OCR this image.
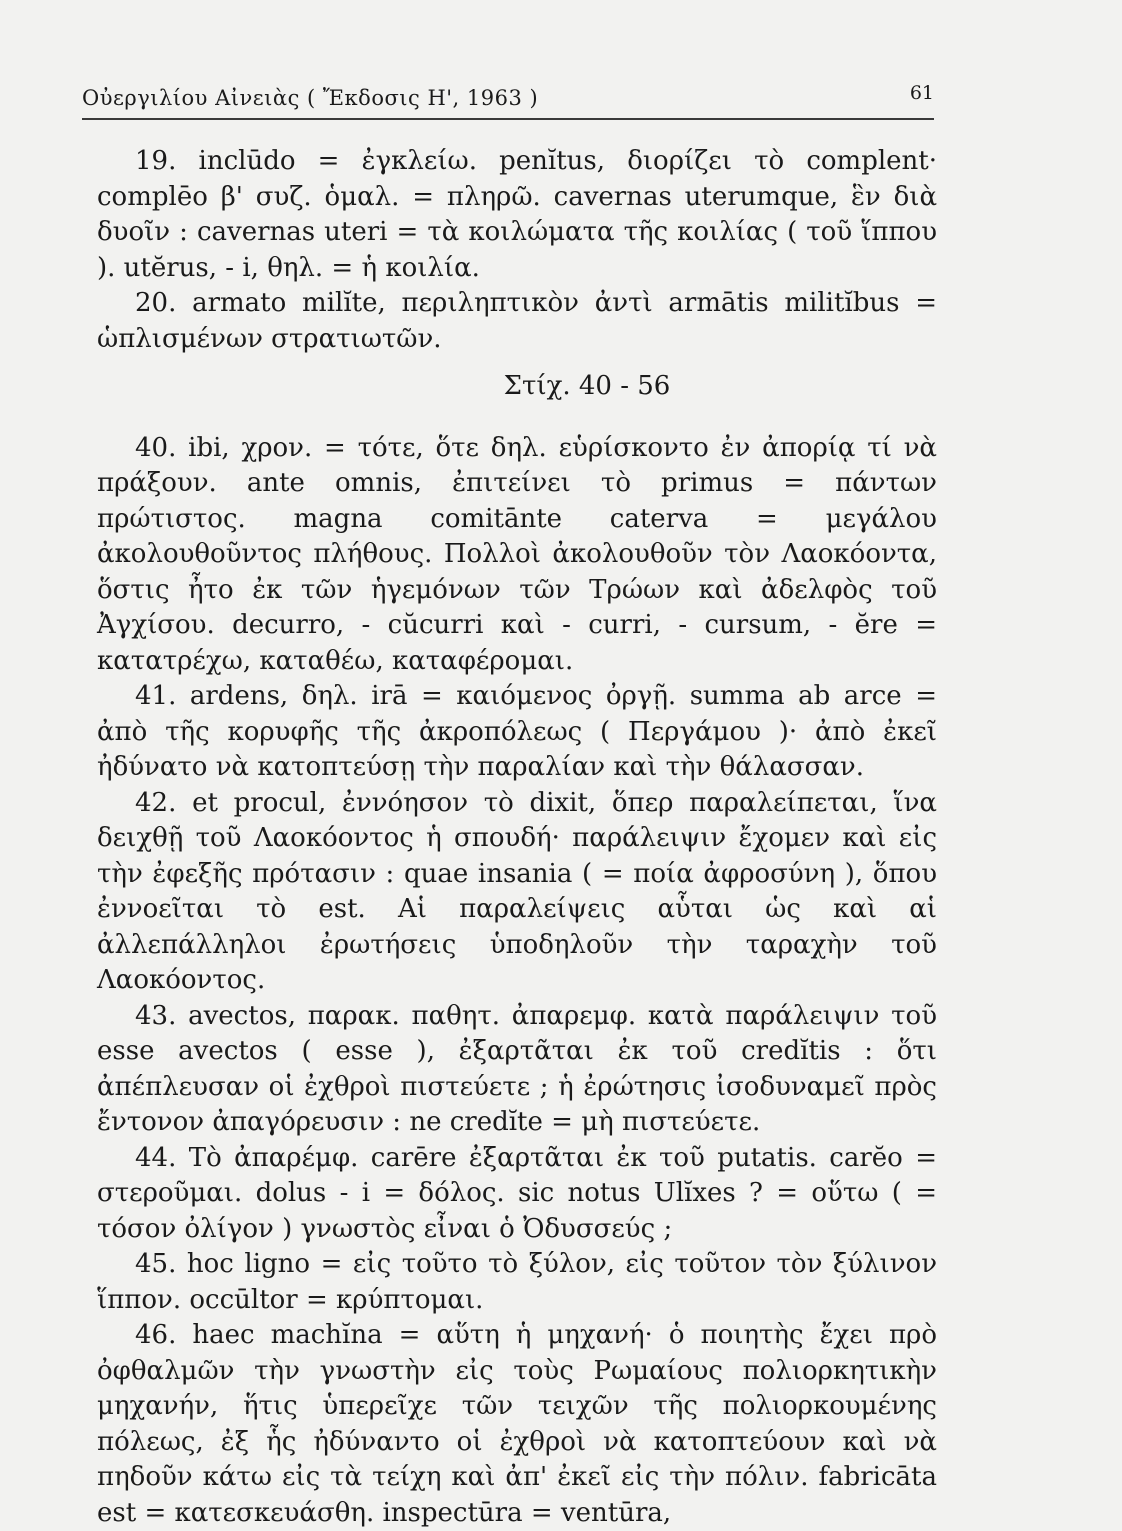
Οὐεργιλίου Αἰνειὰς ( Ἔκδοσις Η', 1963 )	61

19. inclūdo = ἐγκλείω. penĭtus, διορίζει τὸ complent· complēo β' συζ. ὁμαλ. = πληρῶ. cavernas uterumque, ἓν διὰ δυοῖν : cavernas uteri = τὰ κοιλώματα τῆς κοιλίας ( τοῦ ἵππου ). utĕrus, - i, θηλ. = ἡ κοιλία.

20. armato milĭte, περιληπτικὸν ἀντὶ armātis militĭbus = ὡπλισμένων στρατιωτῶν.

Στίχ. 40 - 56

40. ibi, χρον. = τότε, ὅτε δηλ. εὑρίσκοντο ἐν ἀπορίᾳ τί νὰ πράξουν. ante omnis, ἐπιτείνει τὸ primus = πάντων πρώτιστος. magna comitānte caterva = μεγάλου ἀκολουθοῦντος πλήθους. Πολλοὶ ἀκολουθοῦν τὸν Λαοκόοντα, ὅστις ἦτο ἐκ τῶν ἡγεμόνων τῶν Τρώων καὶ ἀδελφὸς τοῦ Ἀγχίσου. decurro, - cŭcurri καὶ - curri, - cursum, - ĕre = κατατρέχω, καταθέω, καταφέρομαι.

41. ardens, δηλ. irā = καιόμενος ὀργῇ. summa ab arce = ἀπὸ τῆς κορυφῆς τῆς ἀκροπόλεως ( Περγάμου )· ἀπὸ ἐκεῖ ἠδύνατο νὰ κατοπτεύσῃ τὴν παραλίαν καὶ τὴν θάλασσαν.

42. et procul, ἐννόησον τὸ dixit, ὅπερ παραλείπεται, ἵνα δειχθῇ τοῦ Λαοκόοντος ἡ σπουδή· παράλειψιν ἔχομεν καὶ εἰς τὴν ἐφεξῆς πρότασιν : quae insania ( = ποία ἀφροσύνη ), ὅπου ἐννοεῖται τὸ est. Αἱ παραλείψεις αὗται ὡς καὶ αἱ ἀλλεπάλληλοι ἐρωτήσεις ὑποδηλοῦν τὴν ταραχὴν τοῦ Λαοκόοντος.

43. avectos, παρακ. παθητ. ἀπαρεμφ. κατὰ παράλειψιν τοῦ esse avectos ( esse ), ἐξαρτᾶται ἐκ τοῦ credĭtis : ὅτι ἀπέπλευσαν οἱ ἐχθροὶ πιστεύετε ; ἡ ἐρώτησις ἰσοδυναμεῖ πρὸς ἔντονον ἀπαγόρευσιν : ne credĭte = μὴ πιστεύετε.

44. Τὸ ἀπαρέμφ. carēre ἐξαρτᾶται ἐκ τοῦ putatis. carĕo = στεροῦμαι. dolus - i = δόλος. sic notus Ulĭxes ? = οὕτω ( = τόσον ὀλίγον ) γνωστὸς εἶναι ὁ Ὀδυσσεύς ;

45. hoc ligno = εἰς τοῦτο τὸ ξύλον, εἰς τοῦτον τὸν ξύλινον ἵππον. occūltor = κρύπτομαι.

46. haec machĭna = αὕτη ἡ μηχανή· ὁ ποιητὴς ἔχει πρὸ ὀφθαλμῶν τὴν γνωστὴν εἰς τοὺς Ρωμαίους πολιορκητικὴν μηχανήν, ἥτις ὑπερεῖχε τῶν τειχῶν τῆς πολιορκουμένης πόλεως, ἐξ ἧς ἠδύναντο οἱ ἐχθροὶ νὰ κατοπτεύουν καὶ νὰ πηδοῦν κάτω εἰς τὰ τείχη καὶ ἀπ' ἐκεῖ εἰς τὴν πόλιν. fabricāta est = κατεσκευάσθη. inspectūra = ventūra,
